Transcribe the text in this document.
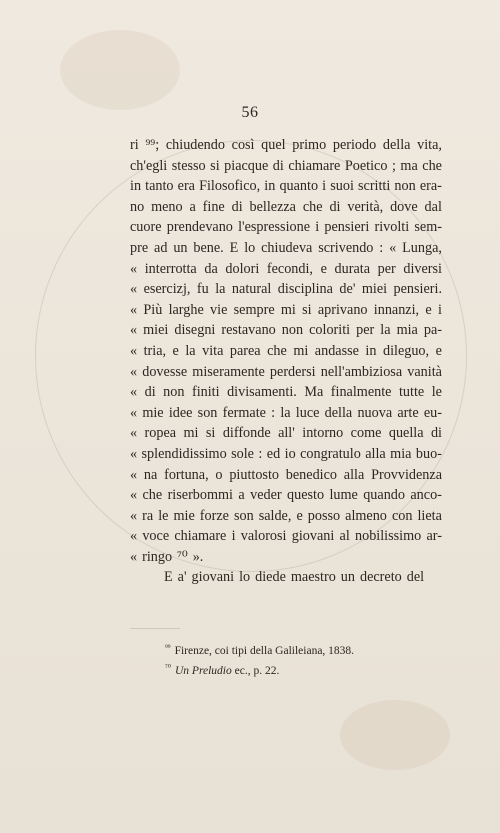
56
ri ⁹⁹; chiudendo così quel primo periodo della vita,
ch'egli stesso si piacque di chiamare Poetico ; ma che
in tanto era Filosofico, in quanto i suoi scritti non era-
no meno a fine di bellezza che di verità, dove dal
cuore prendevano l'espressione i pensieri rivolti sem-
pre ad un bene. E lo chiudeva scrivendo : « Lunga,
« interrotta da dolori fecondi, e durata per diversi
« esercizj, fu la natural disciplina de' miei pensieri.
« Più larghe vie sempre mi si aprivano innanzi, e i
« miei disegni restavano non coloriti per la mia pa-
« tria, e la vita parea che mi andasse in dileguo, e
« dovesse miseramente perdersi nell'ambiziosa vanità
« di non finiti divisamenti. Ma finalmente tutte le
« mie idee son fermate : la luce della nuova arte eu-
« ropea mi si diffonde all' intorno come quella di
« splendidissimo sole : ed io congratulo alla mia buo-
« na fortuna, o piuttosto benedico alla Provvidenza
« che riserbommi a veder questo lume quando anco-
« ra le mie forze son salde, e posso almeno con lieta
« voce chiamare i valorosi giovani al nobilissimo ar-
« ringo ⁷⁰ ».
E a' giovani lo diede maestro un decreto del
$^{^{99}}$ Firenze, coi tipi della Galileiana, 1838.
$^{^{70}}$ Un Preludio ec., p. 22.
